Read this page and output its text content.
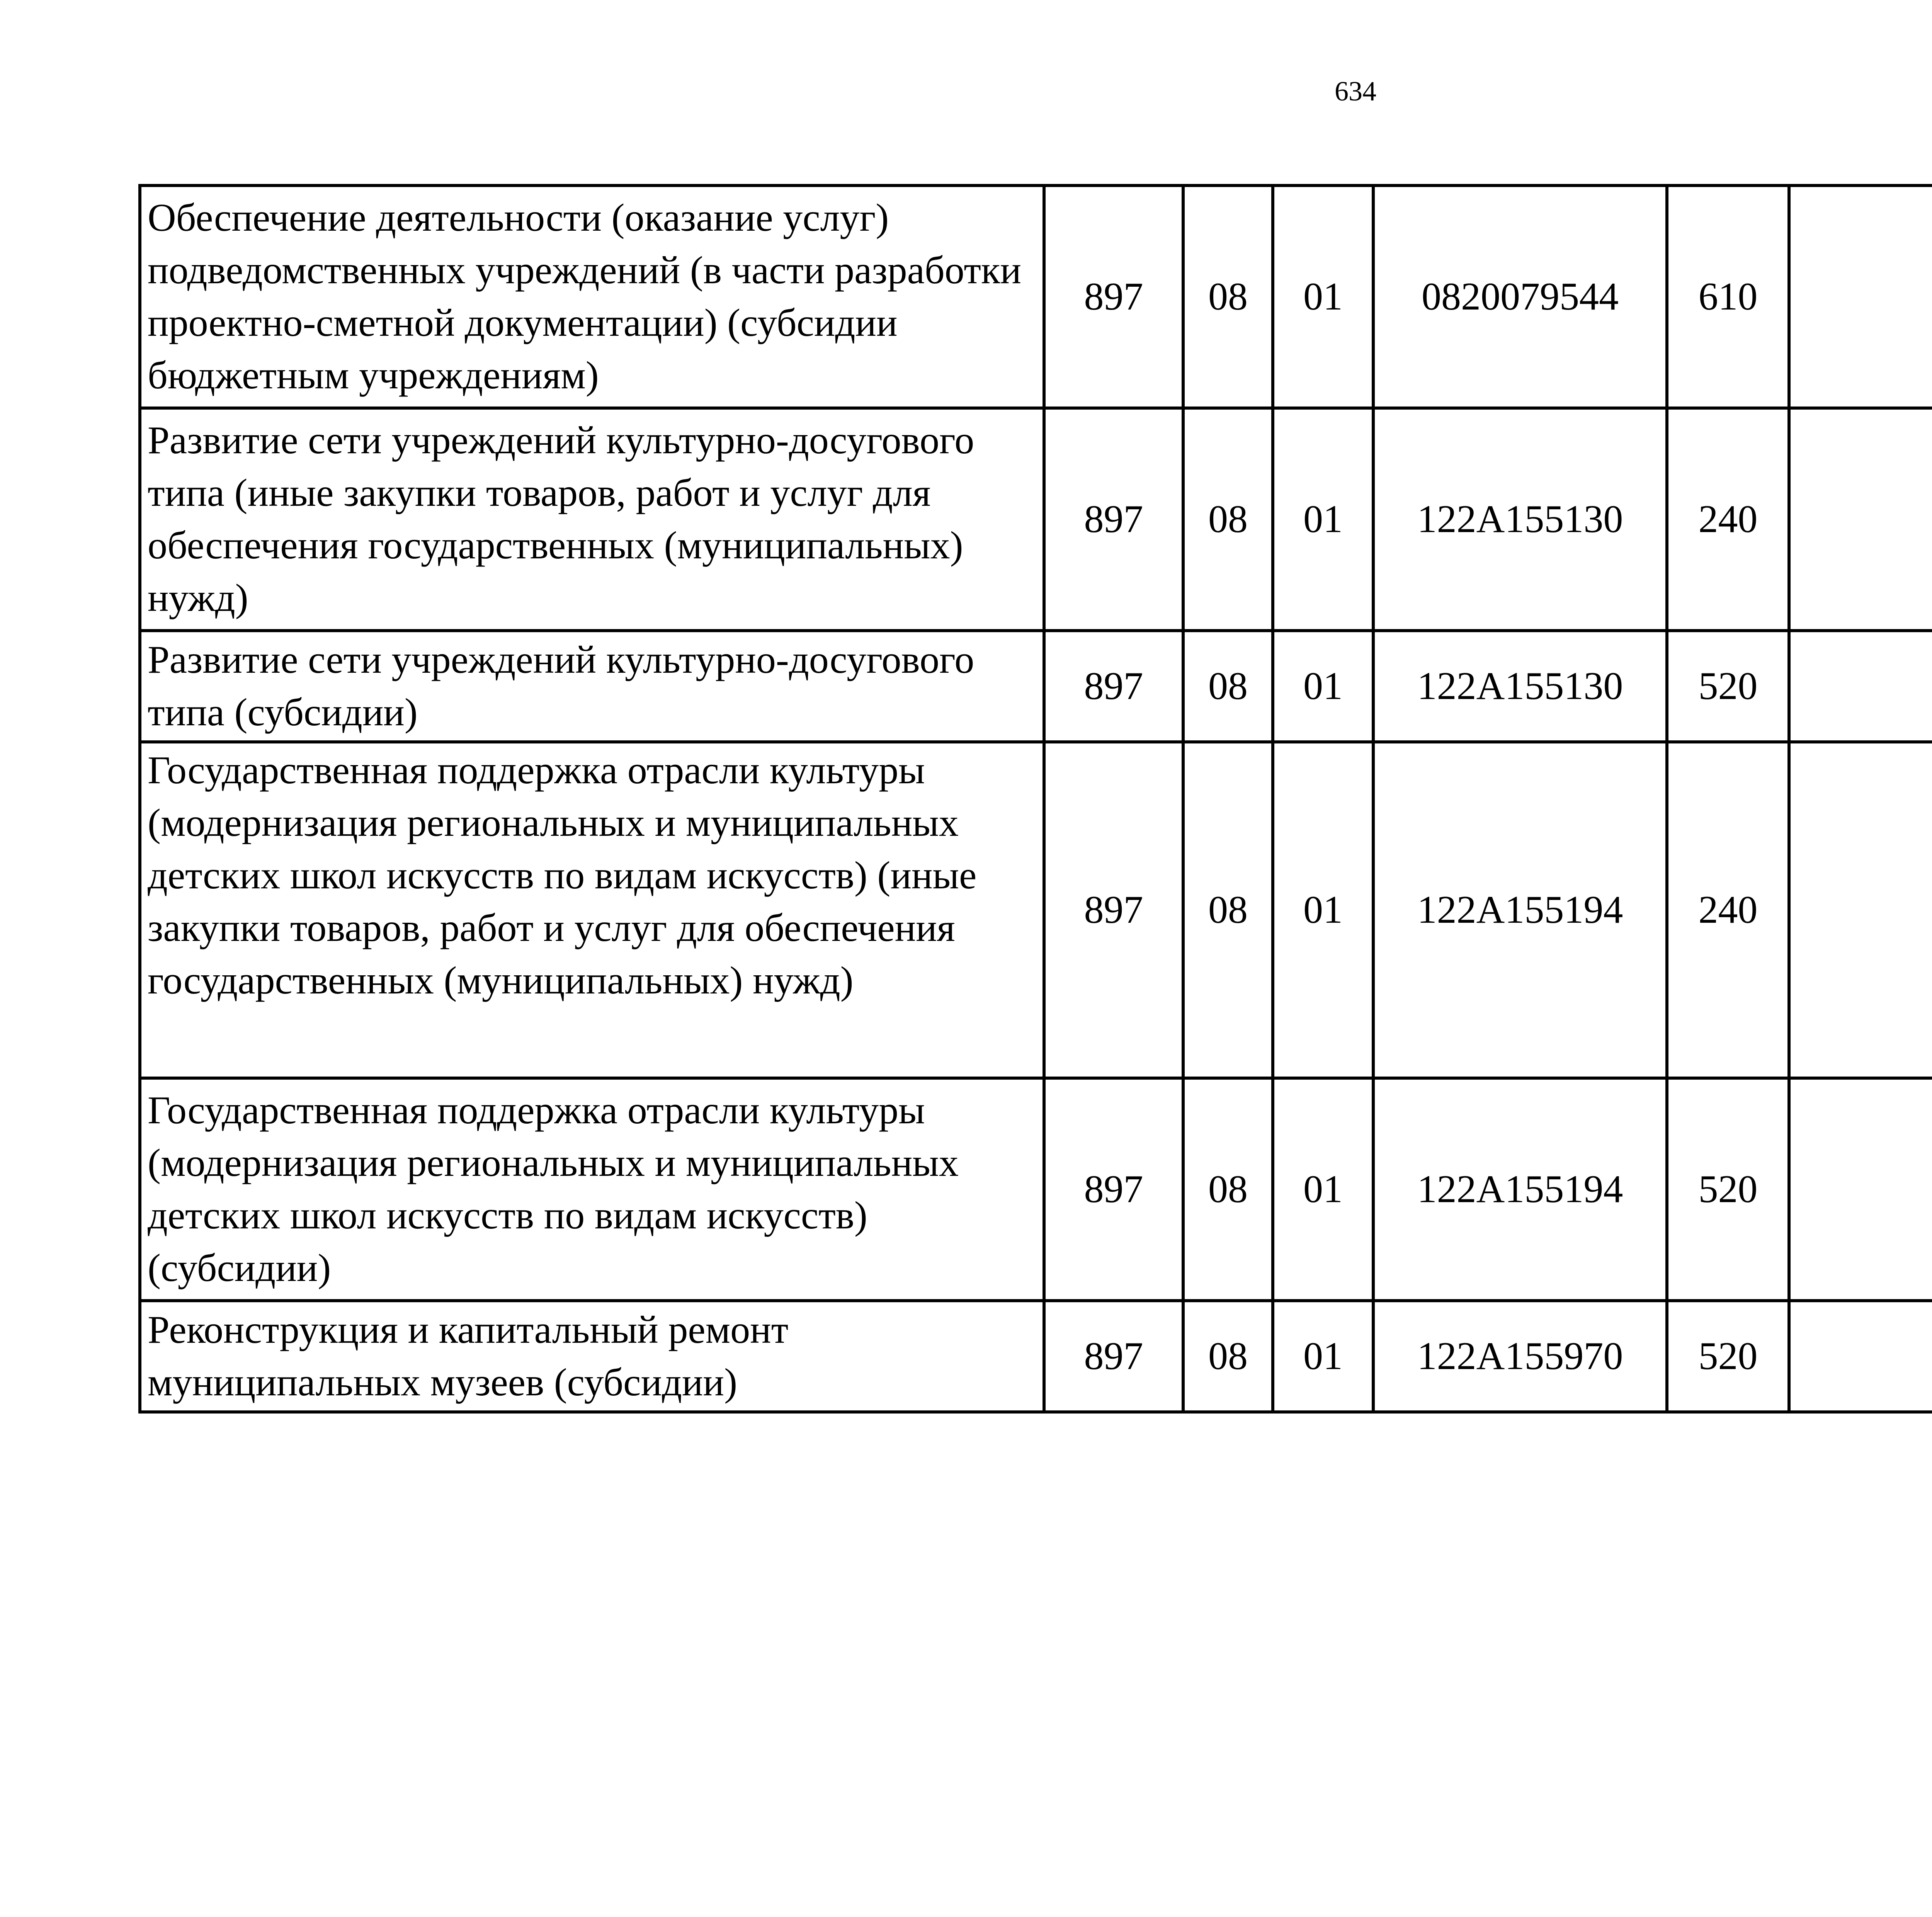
634
Обеспечение деятельности (оказание услуг) подведомственных учреждений (в части разработки проектно-сметной документации) (субсидии бюджетным учреждениям)	897	08	01	0820079544	610			
Развитие сети учреждений культурно-досугового типа (иные закупки товаров, работ и услуг для обеспечения государственных (муниципальных) нужд)	897	08	01	122A155130	240			
Развитие сети учреждений культурно-досугового типа (субсидии)	897	08	01	122A155130	520			
Государственная поддержка отрасли культуры (модернизация региональных и муниципальных детских школ искусств по видам искусств) (иные закупки товаров, работ и услуг для обеспечения государственных (муниципальных) нужд)	897	08	01	122A155194	240			
Государственная поддержка отрасли культуры (модернизация региональных и муниципальных детских школ искусств по видам искусств) (субсидии)	897	08	01	122A155194	520			
Реконструкция и капитальный ремонт муниципальных музеев (субсидии)	897	08	01	122A155970	520			
